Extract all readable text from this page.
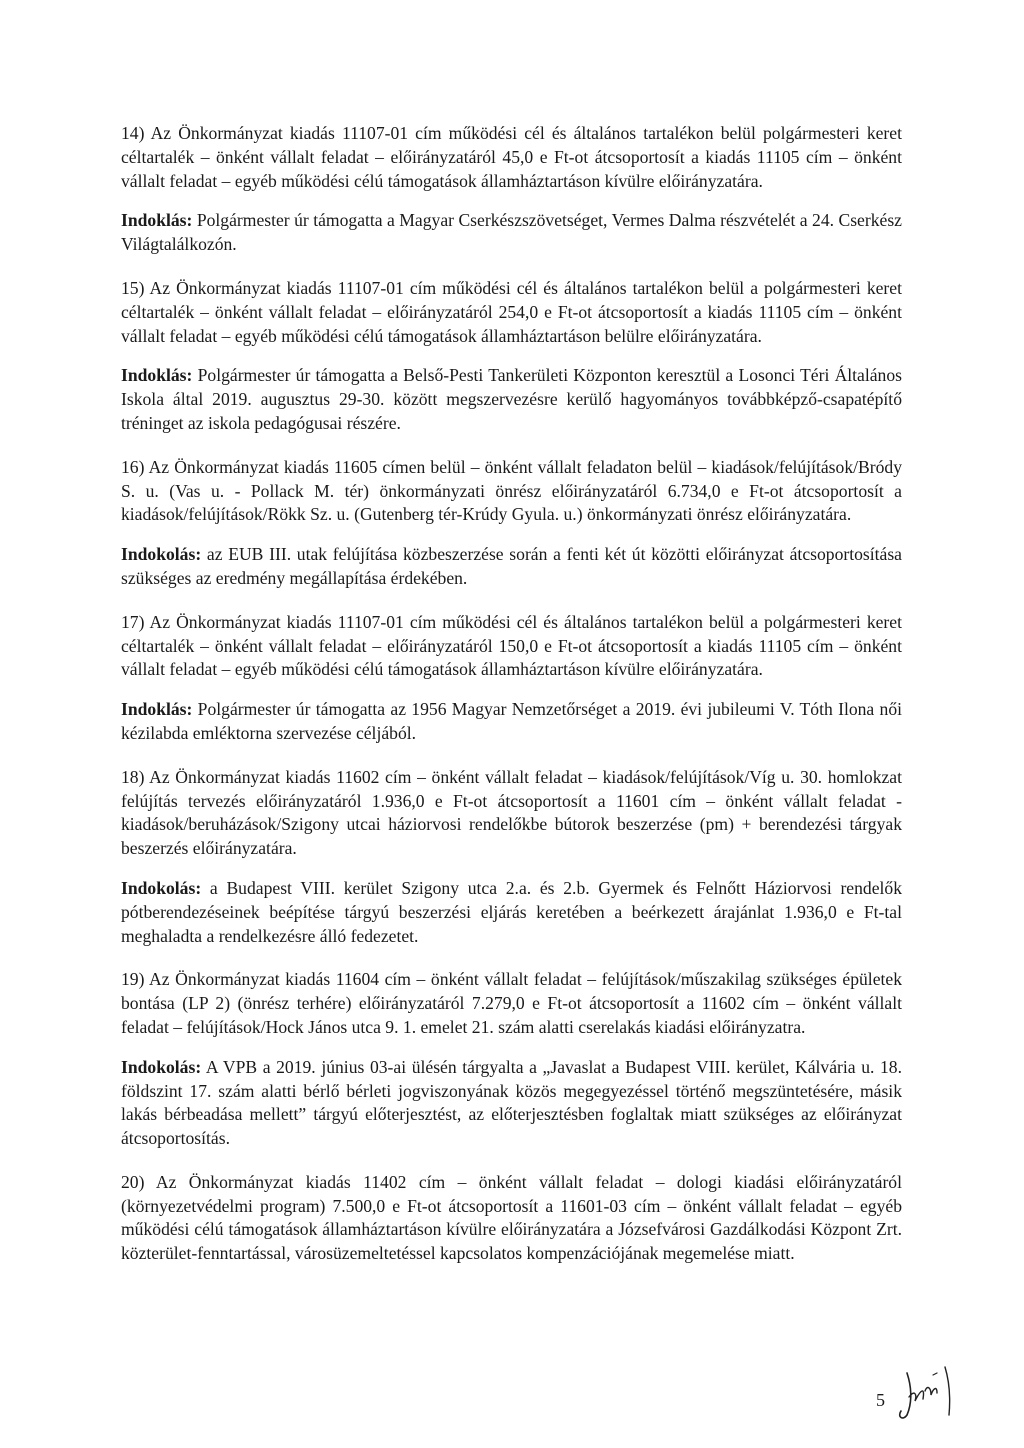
14) Az Önkormányzat kiadás 11107-01 cím működési cél és általános tartalékon belül polgármesteri keret céltartalék – önként vállalt feladat – előirányzatáról 45,0 e Ft-ot átcsoportosít a kiadás 11105 cím – önként vállalt feladat – egyéb működési célú támogatások államháztartáson kívülre előirányzatára.

Indoklás: Polgármester úr támogatta a Magyar Cserkészszövetséget, Vermes Dalma részvételét a 24. Cserkész Világtalálkozón.

15) Az Önkormányzat kiadás 11107-01 cím működési cél és általános tartalékon belül a polgármesteri keret céltartalék – önként vállalt feladat – előirányzatáról 254,0 e Ft-ot átcsoportosít a kiadás 11105 cím – önként vállalt feladat – egyéb működési célú támogatások államháztartáson belülre előirányzatára.

Indoklás: Polgármester úr támogatta a Belső-Pesti Tankerületi Központon keresztül a Losonci Téri Általános Iskola által 2019. augusztus 29-30. között megszervezésre kerülő hagyományos továbbképző-csapatépítő tréninget az iskola pedagógusai részére.

16) Az Önkormányzat kiadás 11605 címen belül – önként vállalt feladaton belül – kiadások/felújítások/Bródy S. u. (Vas u. - Pollack M. tér) önkormányzati önrész előirányzatáról 6.734,0 e Ft-ot átcsoportosít a kiadások/felújítások/Rökk Sz. u. (Gutenberg tér-Krúdy Gyula. u.) önkormányzati önrész előirányzatára.

Indokolás: az EUB III. utak felújítása közbeszerzése során a fenti két út közötti előirányzat átcsoportosítása szükséges az eredmény megállapítása érdekében.

17) Az Önkormányzat kiadás 11107-01 cím működési cél és általános tartalékon belül a polgármesteri keret céltartalék – önként vállalt feladat – előirányzatáról 150,0 e Ft-ot átcsoportosít a kiadás 11105 cím – önként vállalt feladat – egyéb működési célú támogatások államháztartáson kívülre előirányzatára.

Indoklás: Polgármester úr támogatta az 1956 Magyar Nemzetőrséget a 2019. évi jubileumi V. Tóth Ilona női kézilabda emléktorna szervezése céljából.

18) Az Önkormányzat kiadás 11602 cím – önként vállalt feladat – kiadások/felújítások/Víg u. 30. homlokzat felújítás tervezés előirányzatáról 1.936,0 e Ft-ot átcsoportosít a 11601 cím – önként vállalt feladat - kiadások/beruházások/Szigony utcai háziorvosi rendelőkbe bútorok beszerzése (pm) + berendezési tárgyak beszerzés előirányzatára.

Indokolás: a Budapest VIII. kerület Szigony utca 2.a. és 2.b. Gyermek és Felnőtt Háziorvosi rendelők pótberendezéseinek beépítése tárgyú beszerzési eljárás keretében a beérkezett árajánlat 1.936,0 e Ft-tal meghaladta a rendelkezésre álló fedezetet.

19) Az Önkormányzat kiadás 11604 cím – önként vállalt feladat – felújítások/műszakilag szükséges épületek bontása (LP 2) (önrész terhére) előirányzatáról 7.279,0 e Ft-ot átcsoportosít a 11602 cím – önként vállalt feladat – felújítások/Hock János utca 9. 1. emelet 21. szám alatti cserelakás kiadási előirányzatra.

Indokolás: A VPB a 2019. június 03-ai ülésén tárgyalta a „Javaslat a Budapest VIII. kerület, Kálvária u. 18. földszint 17. szám alatti bérlő bérleti jogviszonyának közös megegyezéssel történő megszüntetésére, másik lakás bérbeadása mellett” tárgyú előterjesztést, az előterjesztésben foglaltak miatt szükséges az előirányzat átcsoportosítás.

20) Az Önkormányzat kiadás 11402 cím – önként vállalt feladat – dologi kiadási előirányzatáról (környezetvédelmi program) 7.500,0 e Ft-ot átcsoportosít a 11601-03 cím – önként vállalt feladat – egyéb működési célú támogatások államháztartáson kívülre előirányzatára a Józsefvárosi Gazdálkodási Központ Zrt. közterület-fenntartással, városüzemeltetéssel kapcsolatos kompenzációjának megemelése miatt.

5
